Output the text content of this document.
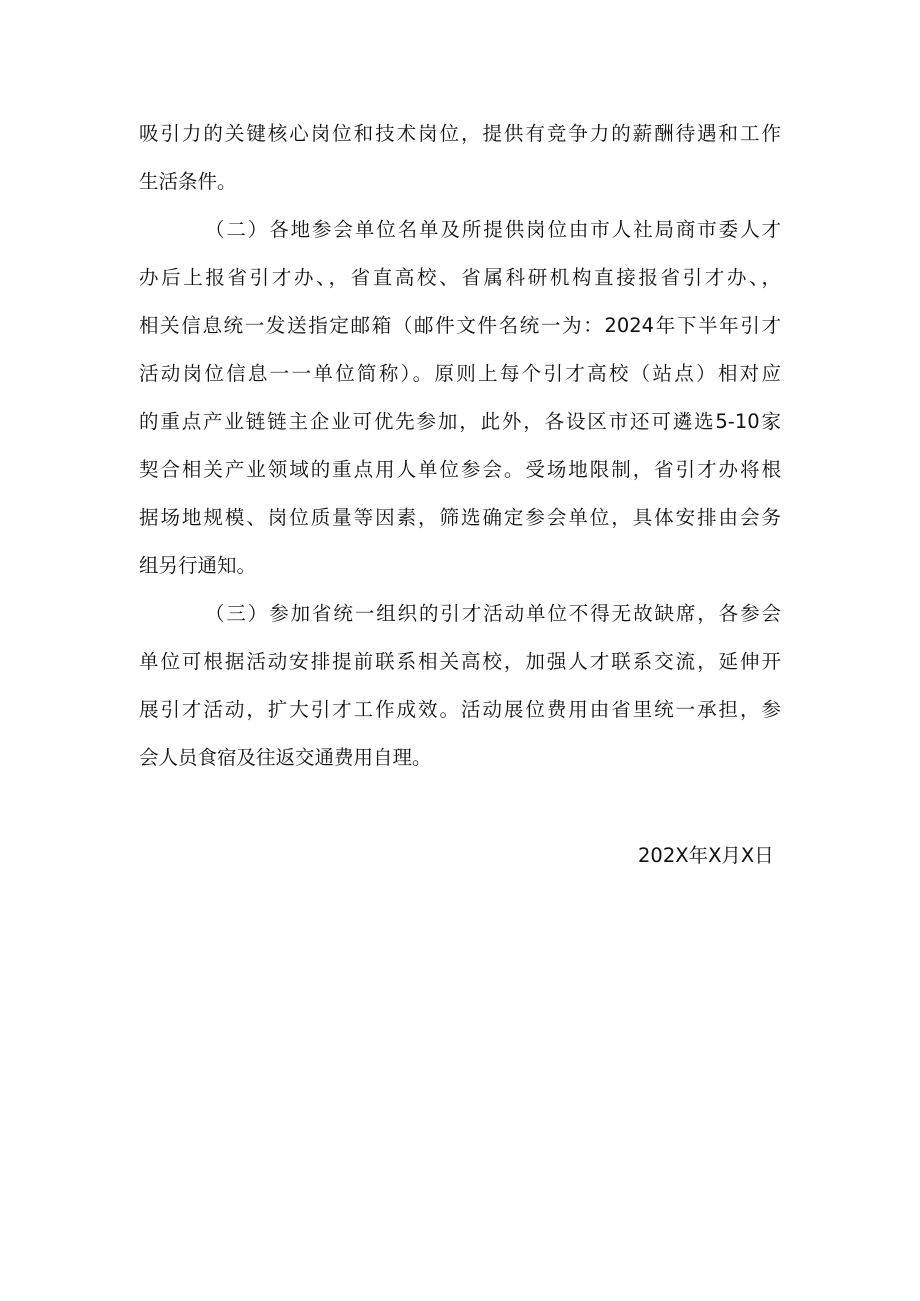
吸引力的关键核心岗位和技术岗位，提供有竞争力的薪酬待遇和工作
生活条件。
（二）各地参会单位名单及所提供岗位由市人社局商市委人才
办后上报省引才办、，省直高校、省属科研机构直接报省引才办、，
相关信息统一发送指定邮箱（邮件文件名统一为：2024年下半年引才
活动岗位信息一一单位简称）。原则上每个引才高校（站点）相对应
的重点产业链链主企业可优先参加，此外，各设区市还可遴选5-10家
契合相关产业领域的重点用人单位参会。受场地限制，省引才办将根
据场地规模、岗位质量等因素，筛选确定参会单位，具体安排由会务
组另行通知。
（三）参加省统一组织的引才活动单位不得无故缺席，各参会
单位可根据活动安排提前联系相关高校，加强人才联系交流，延伸开
展引才活动，扩大引才工作成效。活动展位费用由省里统一承担，参
会人员食宿及往返交通费用自理。
202X年X月X日
